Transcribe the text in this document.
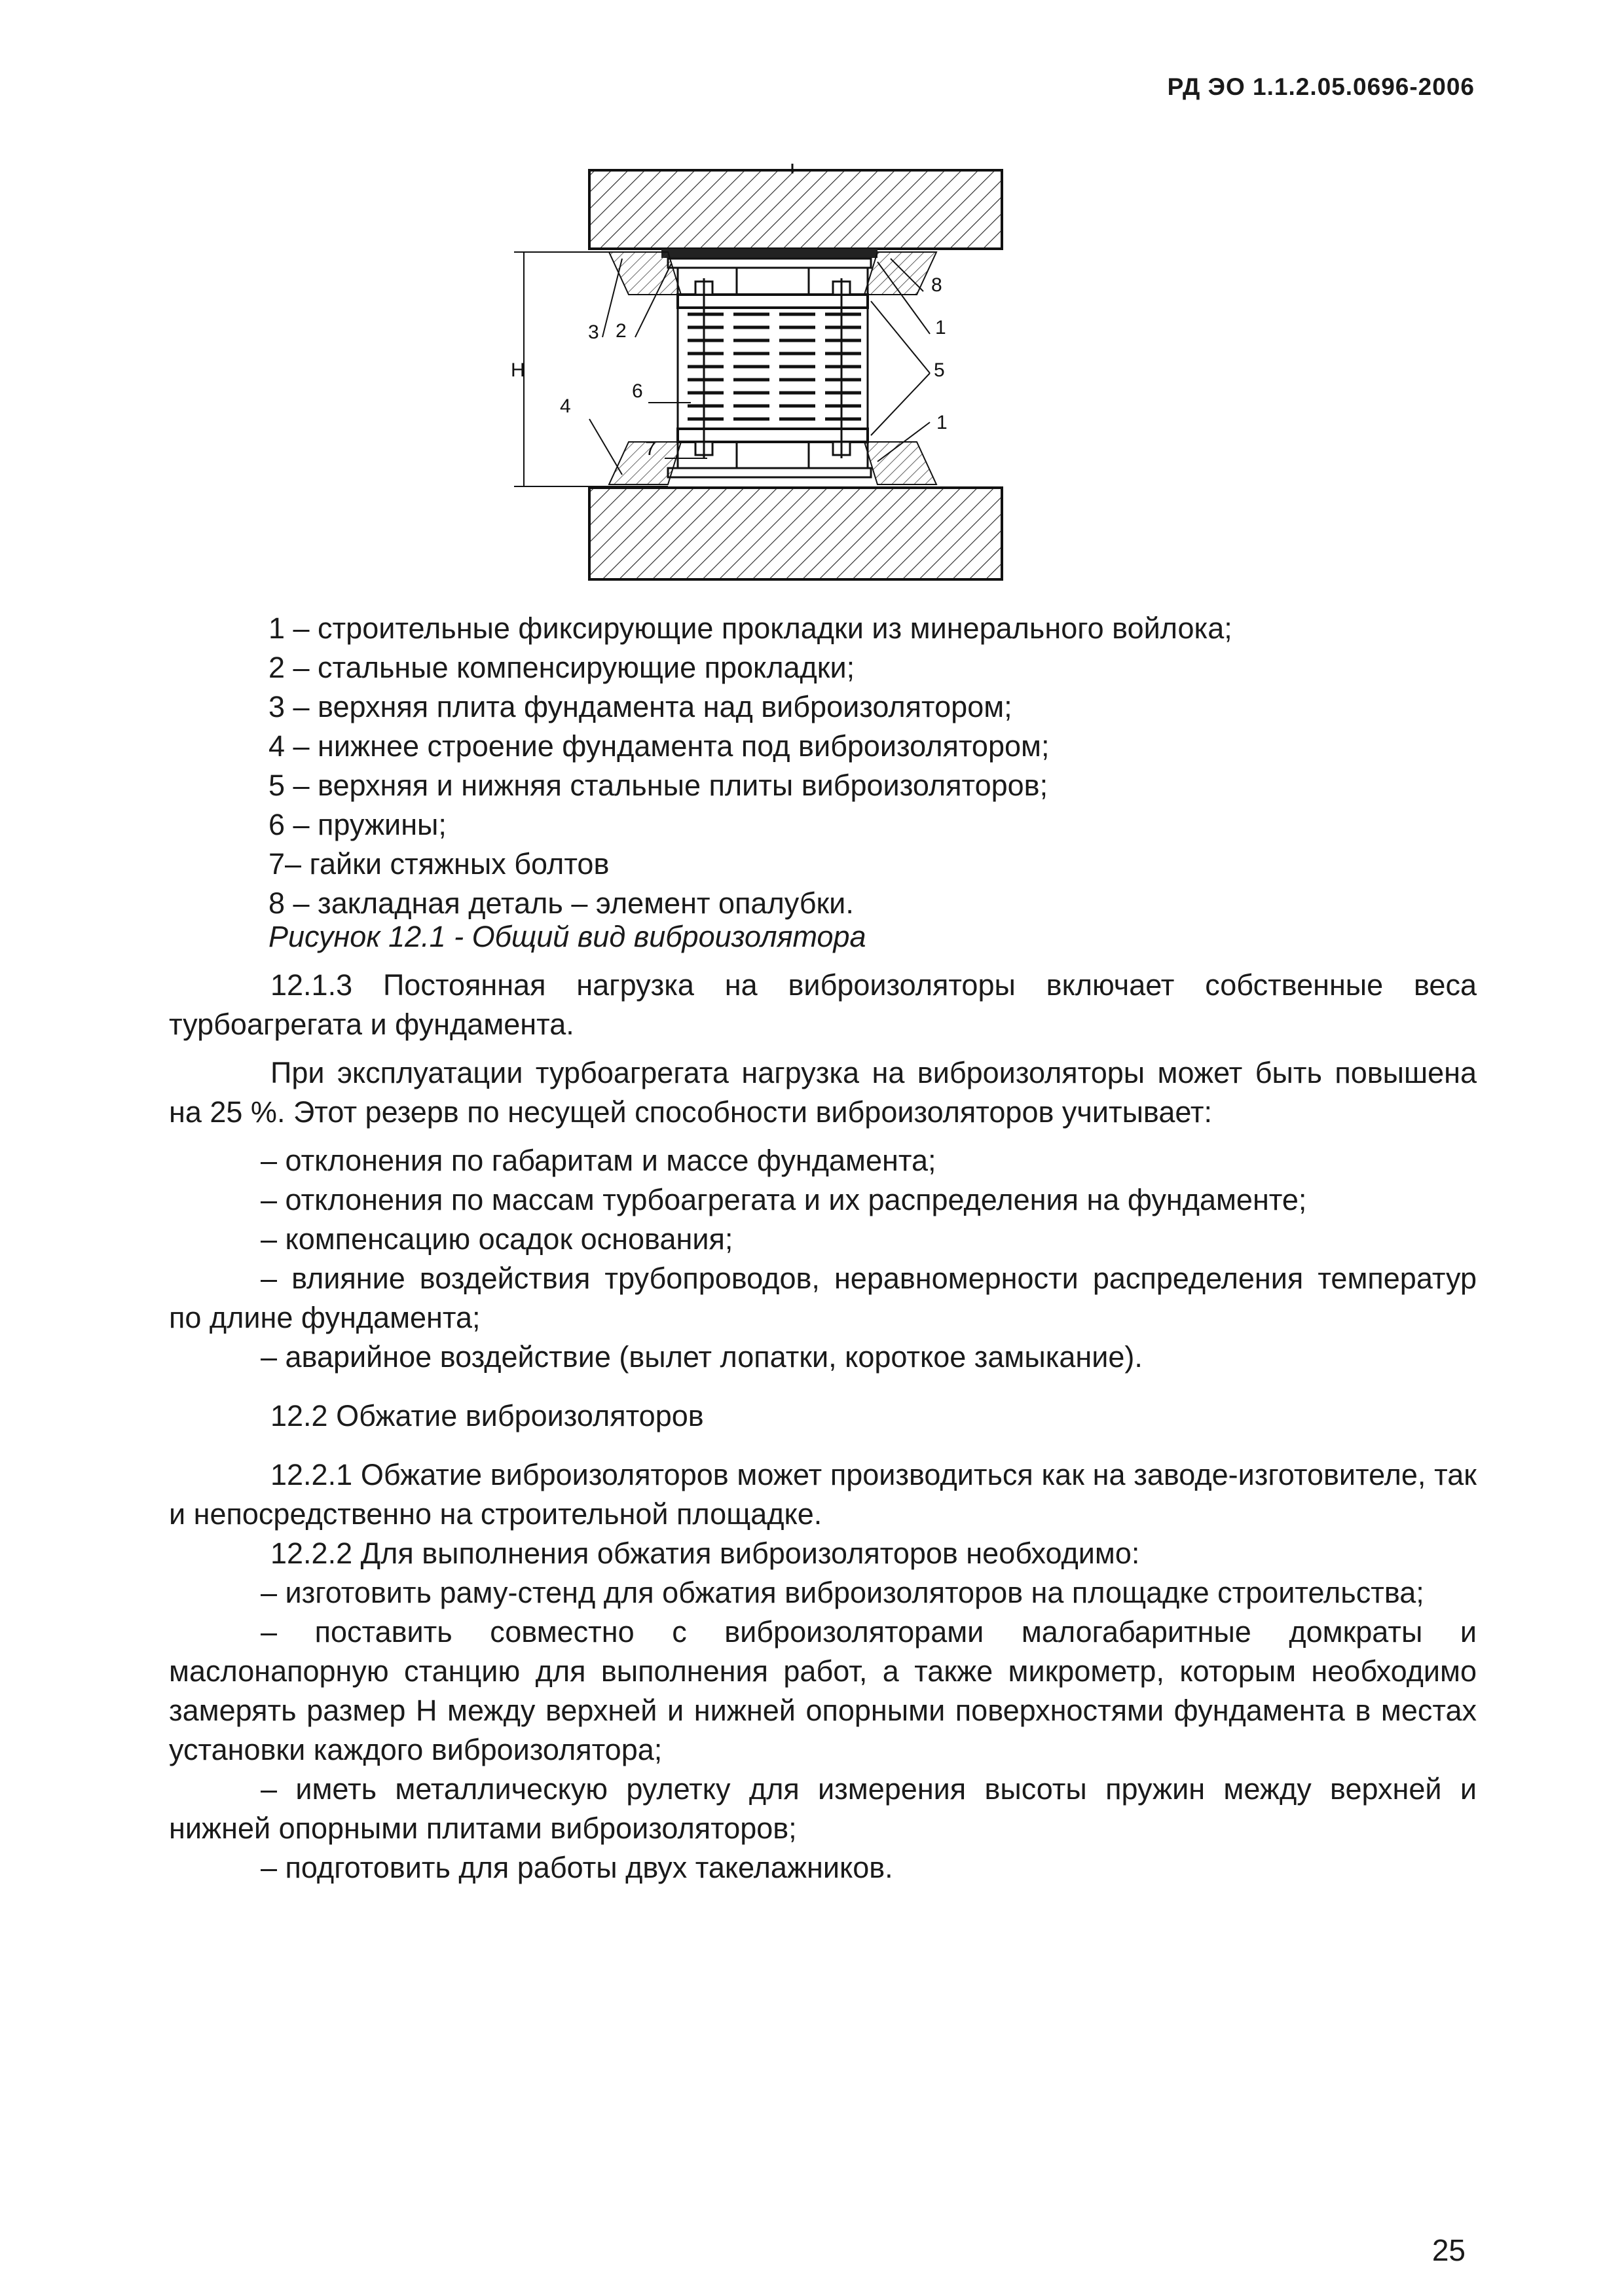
РД ЭО 1.1.2.05.0696-2006
1
2
3
4
5
6
7
8
1
Н
1 – строительные фиксирующие прокладки из минерального войлока;
2 – стальные компенсирующие прокладки;
3 – верхняя плита фундамента над виброизолятором;
4 – нижнее строение фундамента под виброизолятором;
5 – верхняя и нижняя стальные плиты виброизоляторов;
6 – пружины;
7– гайки стяжных болтов
8 – закладная деталь – элемент опалубки.
Рисунок 12.1 - Общий вид виброизолятора

12.1.3 Постоянная нагрузка на виброизоляторы включает собственные веса турбоагрегата и фундамента.

При эксплуатации турбоагрегата нагрузка на виброизоляторы может быть повышена на 25 %. Этот резерв по несущей способности виброизоляторов учитывает:

– отклонения по габаритам и массе фундамента;

– отклонения по массам турбоагрегата и их распределения на фундаменте;

– компенсацию осадок основания;

– влияние воздействия трубопроводов, неравномерности распределения температур по длине фундамента;

– аварийное воздействие (вылет лопатки, короткое замыкание).

12.2 Обжатие виброизоляторов

12.2.1 Обжатие виброизоляторов может производиться как на заводе-изготовителе, так и непосредственно на строительной площадке.

12.2.2 Для выполнения обжатия виброизоляторов необходимо:

– изготовить раму-стенд для обжатия виброизоляторов на площадке строительства;

– поставить совместно с виброизоляторами малогабаритные домкраты и маслонапорную станцию для выполнения работ, а также микрометр, которым необходимо замерять размер Н между верхней и нижней опорными поверхностями фундамента в местах установки каждого виброизолятора;

– иметь металлическую рулетку для измерения высоты пружин между верхней и нижней опорными плитами виброизоляторов;

– подготовить для работы двух такелажников.

25
